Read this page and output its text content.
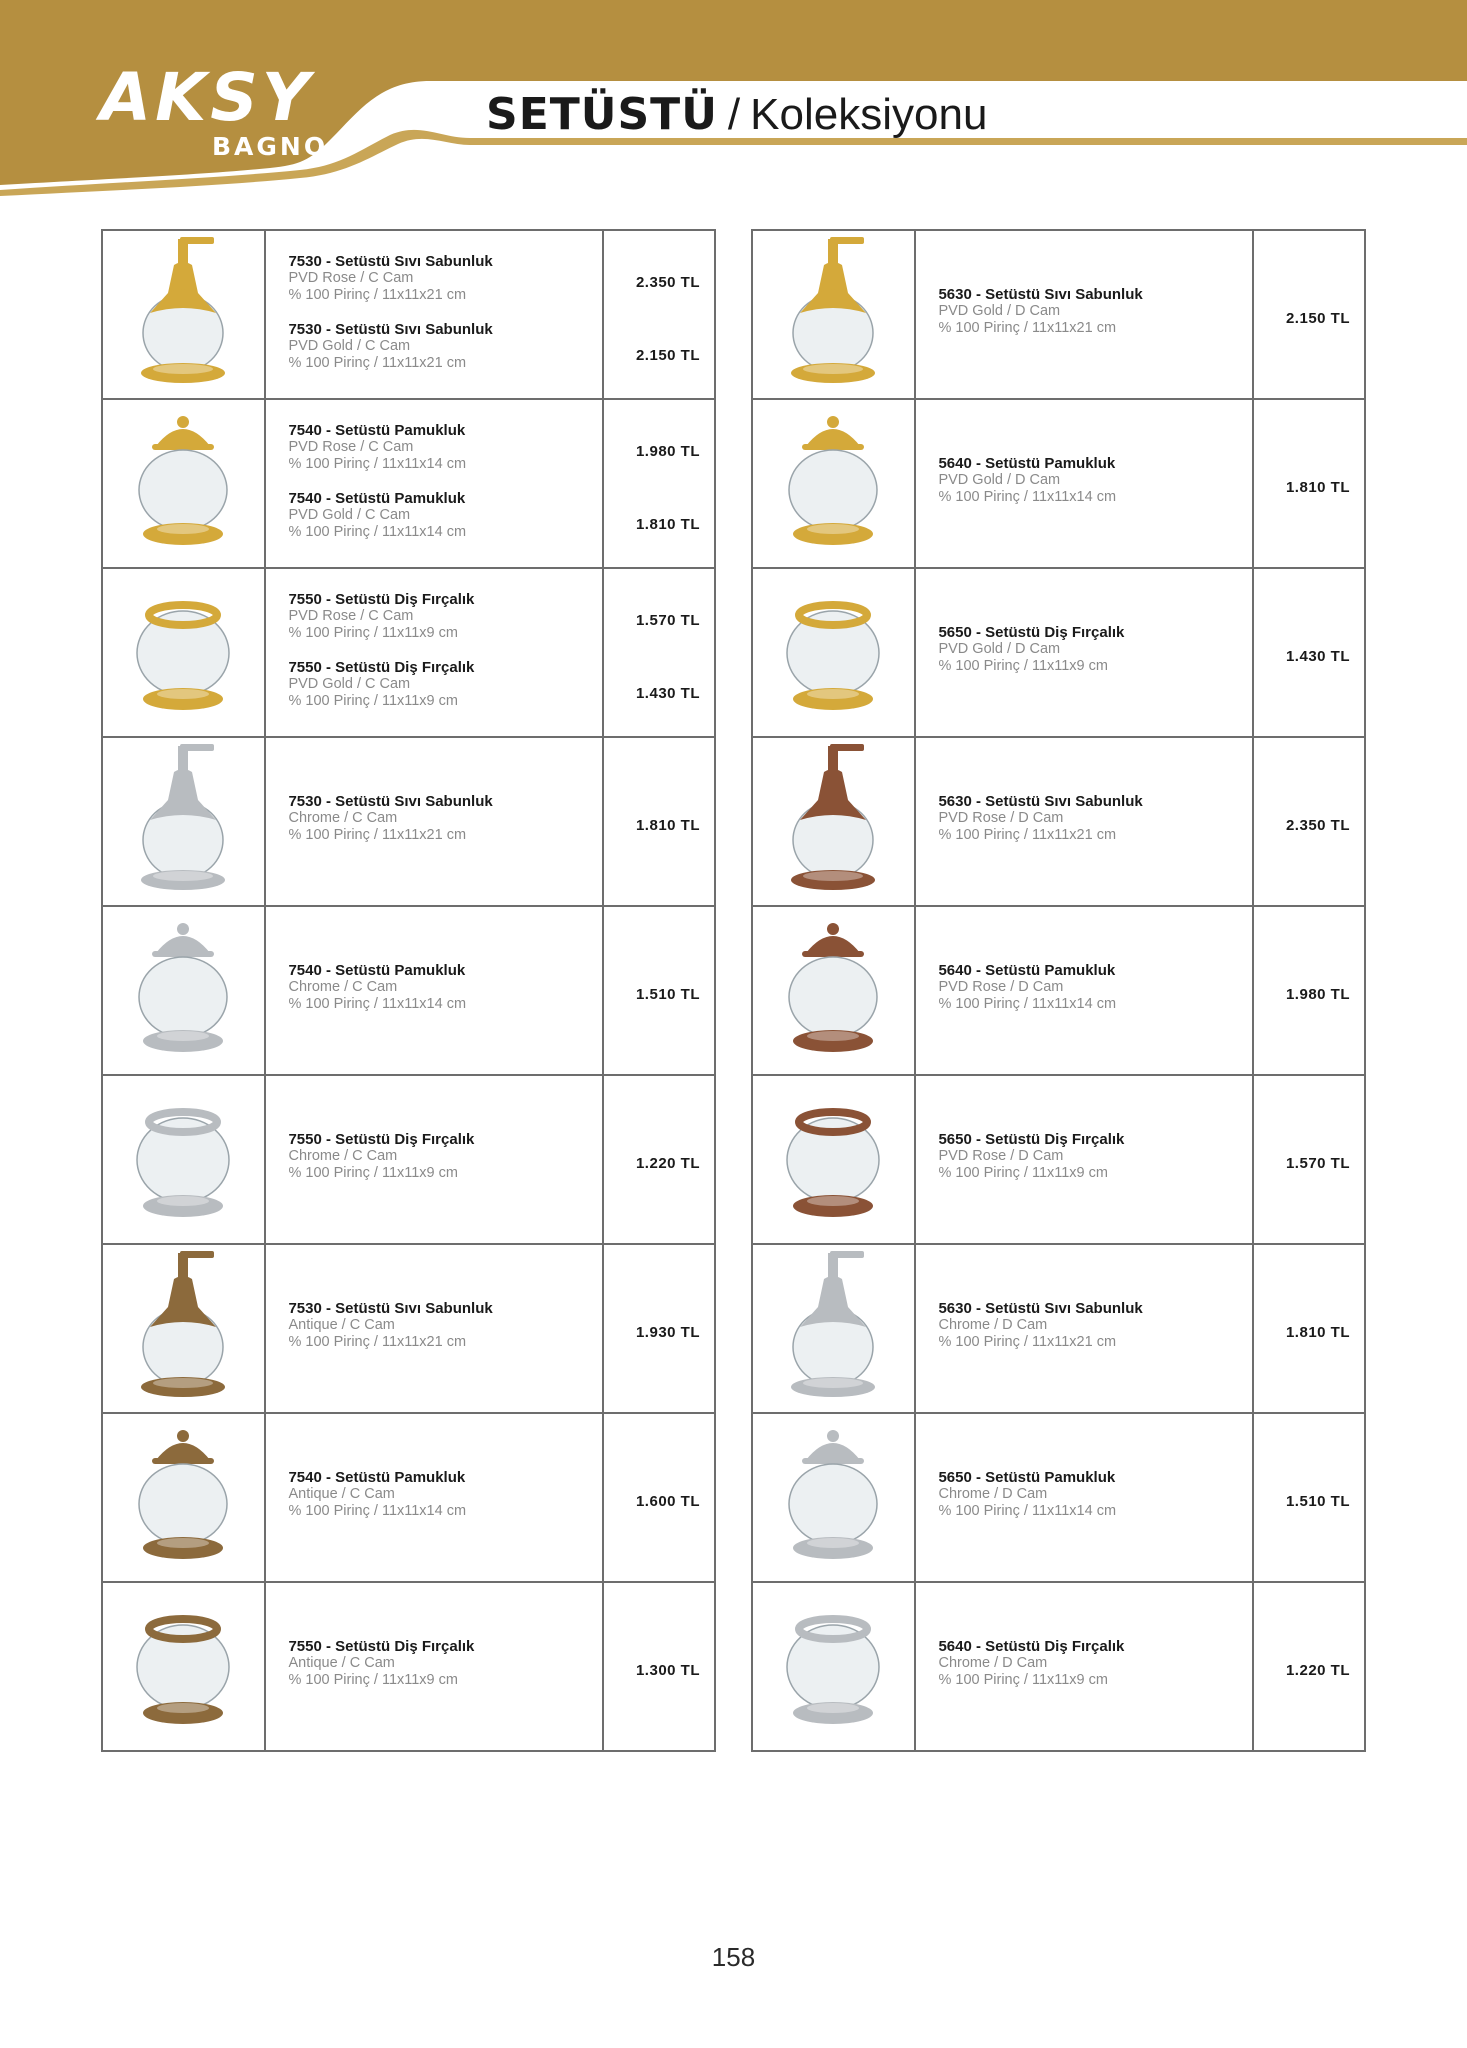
AKSY
BAGNO
SETÜSTÜ / Koleksiyonu
7530 - Setüstü Sıvı Sabunluk
PVD Rose / C Cam
% 100 Pirinç / 11x11x21 cm
7530 - Setüstü Sıvı Sabunluk
PVD Gold / C Cam
% 100 Pirinç / 11x11x21 cm
2.350 TL
2.150 TL
7540 - Setüstü Pamukluk
PVD Rose / C Cam
% 100 Pirinç / 11x11x14 cm
7540 - Setüstü Pamukluk
PVD Gold / C Cam
% 100 Pirinç / 11x11x14 cm
1.980 TL
1.810 TL
7550 - Setüstü Diş Fırçalık
PVD Rose / C Cam
% 100 Pirinç / 11x11x9 cm
7550 - Setüstü Diş Fırçalık
PVD Gold / C Cam
% 100 Pirinç / 11x11x9 cm
1.570 TL
1.430 TL
7530 - Setüstü Sıvı Sabunluk
Chrome / C Cam
% 100 Pirinç / 11x11x21 cm
1.810 TL
7540 - Setüstü Pamukluk
Chrome / C Cam
% 100 Pirinç / 11x11x14 cm
1.510 TL
7550 - Setüstü Diş Fırçalık
Chrome / C Cam
% 100 Pirinç / 11x11x9 cm
1.220 TL
7530 - Setüstü Sıvı Sabunluk
Antique / C Cam
% 100 Pirinç / 11x11x21 cm
1.930 TL
7540 - Setüstü Pamukluk
Antique / C Cam
% 100 Pirinç / 11x11x14 cm
1.600 TL
7550 - Setüstü Diş Fırçalık
Antique / C Cam
% 100 Pirinç / 11x11x9 cm
1.300 TL
5630 - Setüstü Sıvı Sabunluk
PVD Gold / D Cam
% 100 Pirinç / 11x11x21 cm
2.150 TL
5640 - Setüstü Pamukluk
PVD Gold / D Cam
% 100 Pirinç / 11x11x14 cm
1.810 TL
5650 - Setüstü Diş Fırçalık
PVD Gold / D Cam
% 100 Pirinç / 11x11x9 cm
1.430 TL
5630 - Setüstü Sıvı Sabunluk
PVD Rose / D Cam
% 100 Pirinç / 11x11x21 cm
2.350 TL
5640 - Setüstü Pamukluk
PVD Rose / D Cam
% 100 Pirinç / 11x11x14 cm
1.980 TL
5650 - Setüstü Diş Fırçalık
PVD Rose / D Cam
% 100 Pirinç / 11x11x9 cm
1.570 TL
5630 - Setüstü Sıvı Sabunluk
Chrome / D Cam
% 100 Pirinç / 11x11x21 cm
1.810 TL
5650 - Setüstü Pamukluk
Chrome / D Cam
% 100 Pirinç / 11x11x14 cm
1.510 TL
5640 - Setüstü Diş Fırçalık
Chrome / D Cam
% 100 Pirinç / 11x11x9 cm
1.220 TL
158
